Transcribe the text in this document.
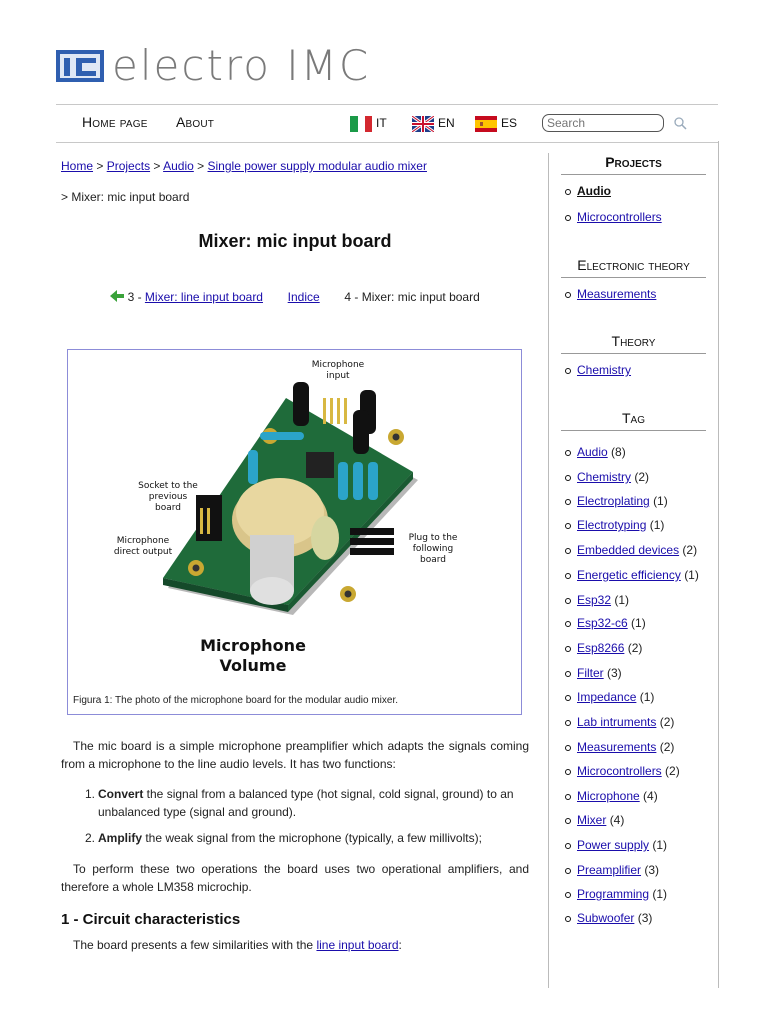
electro IMC
Home page About	IT	EN	ES
Search
Home > Projects > Audio > Single power supply modular audio mixer
> Mixer: mic input board
Mixer: mic input board
3 - Mixer: line input board Indice 4 - Mixer: mic input board
Microphone
input
Socket to the
previous
board
Microphone
direct output
Plug to the
following
board
Microphone
Volume
Figura 1: The photo of the microphone board for the modular audio mixer.
The mic board is a simple microphone preamplifier which adapts the signals coming from a microphone to the line audio levels. It has two functions:
1. Convert the signal from a balanced type (hot signal, cold signal, ground) to an unbalanced type (signal and ground).
2. Amplify the weak signal from the microphone (typically, a few millivolts);
To perform these two operations the board uses two operational amplifiers, and therefore a whole LM358 microchip.
1 - Circuit characteristics
The board presents a few similarities with the line input board:
Projects
Audio
Microcontrollers
Electronic theory
Measurements
Theory
Chemistry
Tag
Audio (8)
Chemistry (2)
Electroplating (1)
Electrotyping (1)
Embedded devices (2)
Energetic efficiency (1)
Esp32 (1)
Esp32-c6 (1)
Esp8266 (2)
Filter (3)
Impedance (1)
Lab intruments (2)
Measurements (2)
Microcontrollers (2)
Microphone (4)
Mixer (4)
Power supply (1)
Preamplifier (3)
Programming (1)
Subwoofer (3)
